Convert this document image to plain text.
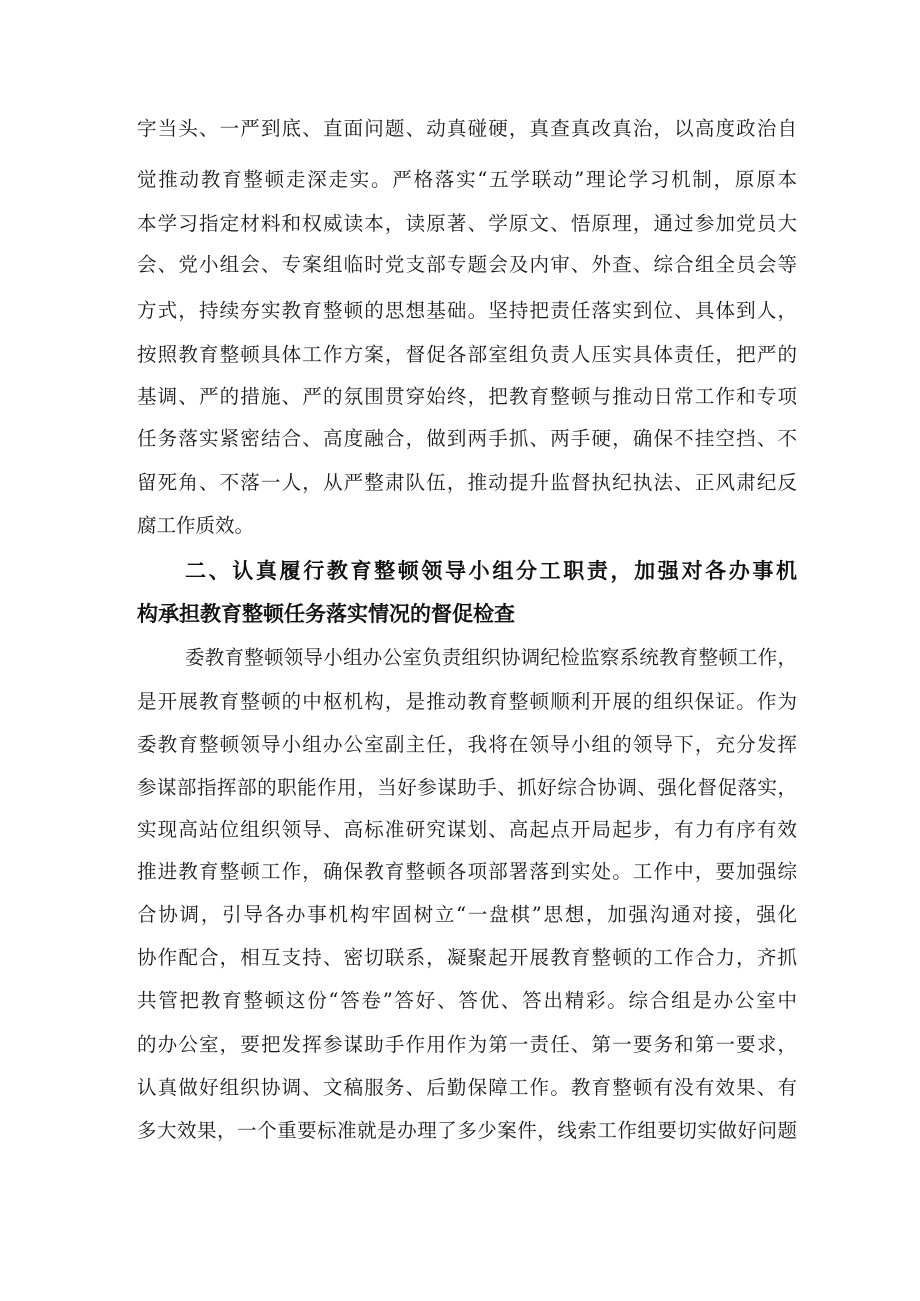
字当头、一严到底、直面问题、动真碰硬，真查真改真治，以高度政治自
觉推动教育整顿走深走实。严格落实“五学联动”理论学习机制，原原本
本学习指定材料和权威读本，读原著、学原文、悟原理，通过参加党员大
会、党小组会、专案组临时党支部专题会及内审、外查、综合组全员会等
方式，持续夯实教育整顿的思想基础。坚持把责任落实到位、具体到人，
按照教育整顿具体工作方案，督促各部室组负责人压实具体责任，把严的
基调、严的措施、严的氛围贯穿始终，把教育整顿与推动日常工作和专项
任务落实紧密结合、高度融合，做到两手抓、两手硬，确保不挂空挡、不
留死角、不落一人，从严整肃队伍，推动提升监督执纪执法、正风肃纪反
腐工作质效。
二、认真履行教育整顿领导小组分工职责，加强对各办事机
构承担教育整顿任务落实情况的督促检查
委教育整顿领导小组办公室负责组织协调纪检监察系统教育整顿工作，
是开展教育整顿的中枢机构，是推动教育整顿顺利开展的组织保证。作为
委教育整顿领导小组办公室副主任，我将在领导小组的领导下，充分发挥
参谋部指挥部的职能作用，当好参谋助手、抓好综合协调、强化督促落实，
实现高站位组织领导、高标准研究谋划、高起点开局起步，有力有序有效
推进教育整顿工作，确保教育整顿各项部署落到实处。工作中，要加强综
合协调，引导各办事机构牢固树立“一盘棋”思想，加强沟通对接，强化
协作配合，相互支持、密切联系，凝聚起开展教育整顿的工作合力，齐抓
共管把教育整顿这份“答卷”答好、答优、答出精彩。综合组是办公室中
的办公室，要把发挥参谋助手作用作为第一责任、第一要务和第一要求，
认真做好组织协调、文稿服务、后勤保障工作。教育整顿有没有效果、有
多大效果，一个重要标准就是办理了多少案件，线索工作组要切实做好问题
